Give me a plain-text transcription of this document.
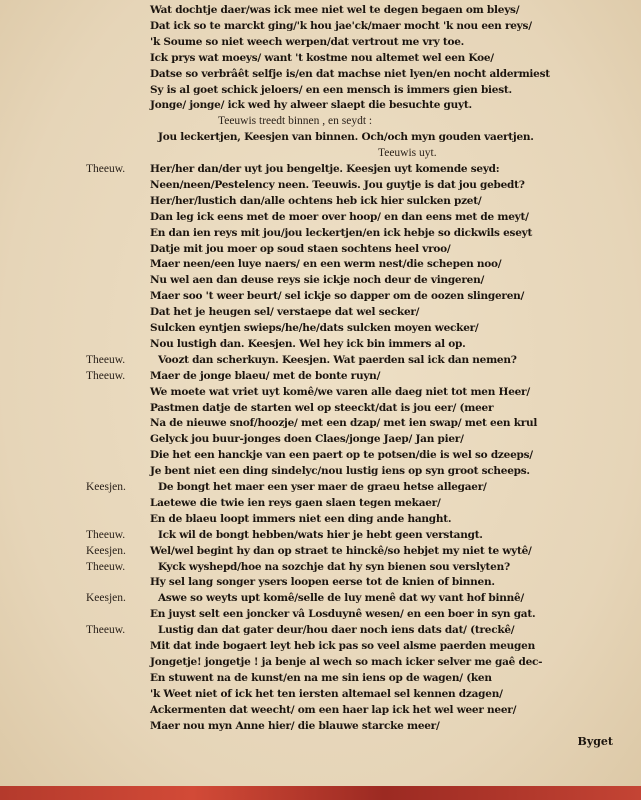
Wat dochtje daer/was ick mee niet wel te degen begaen om bleys/
Dat ick so te marckt ging/'k hou jae'ck/maer mocht 'k nou een reys/
'k Soume so niet weech werpen/dat vertrout me vry toe.
Ick prys wat moeys/ want 't kostme nou altemet wel een Koe/
Datse so verbrâêt selfje is/en dat machse niet lyen/en nocht aldermiest
Sy is al goet schick jeloers/ en een mensch is immers gien biest.
Jonge/ jonge/ ick wed hy alweer slaept die besuchte guyt.
Teeuwis treedt binnen , en seydt :
Jou leckertjen, Keesjen van binnen. Och/och myn gouden vaertjen.
Teeuwis uyt.
Theeuw. Her/her dan/der uyt jou bengeltje. Keesjen uyt komende seyd:
Neen/neen/Pestelency neen. Teeuwis. Jou guytje is dat jou gebedt?
Her/her/lustich dan/alle ochtens heb ick hier sulcken pzet/
Dan leg ick eens met de moer over hoop/ en dan eens met de meyt/
En dan ien reys mit jou/jou leckertjen/en ick hebje so dickwils eseyt
Datje mit jou moer op soud staen sochtens heel vroo/
Maer neen/een luye naers/ en een werm nest/die schepen noo/
Nu wel aen dan deuse reys sie ickje noch deur de vingeren/
Maer soo 't weer beurt/ sel ickje so dapper om de oozen slingeren/
Dat het je heugen sel/ verstaepe dat wel secker/
Sulcken eyntjen swieps/he/he/dats sulcken moyen wecker/
Nou lustigh dan. Keesjen. Wel hey ick bin immers al op.
Theeuw.	Voozt dan scherkuyn. Keesjen. Wat paerden sal ick dan nemen?
Theeuw. Maer de jonge blaeu/ met de bonte ruyn/
We moete wat vriet uyt komê/we varen alle daeg niet tot men Heer/
Pastmen datje de starten wel op steeckt/dat is jou eer/ (meer
Na de nieuwe snof/hoozje/ met een dzap/ met ien swap/ met een krul
Gelyck jou buur-jonges doen Claes/jonge Jaep/ Jan pier/
Die het een hanckje van een paert op te potsen/die is wel so dzeeps/
Je bent niet een ding sindelyc/nou lustig iens op syn groot scheeps.
Keesjen.	De bongt het maer een yser maer de graeu hetse allegaer/
Laetewe die twie ien reys gaen slaen tegen mekaer/
En de blaeu loopt immers niet een ding ande hanght.
Theeuw.	Ick wil de bongt hebben/wats hier je hebt geen verstangt.
Keesjen. Wel/wel begint hy dan op straet te hinckê/so hebjet my niet te wytê/
Theeuw.	Kyck wyshepd/hoe na sozchje dat hy syn bienen sou verslyten?
Hy sel lang songer ysers loopen eerse tot de knien of binnen.
Keesjen.	Aswe so weyts upt komê/selle de luy menê dat wy vant hof binnê/
En juyst selt een joncker vâ Losduynê wesen/ en een boer in syn gat.
Theeuw.	Lustig dan dat gater deur/hou daer noch iens dats dat/ (treckê/
Mit dat inde bogaert leyt heb ick pas so veel alsme paerden meugen
Jongetje! jongetje ! ja benje al wech so mach icker selver me gaê dec-
En stuwent na de kunst/en na me sin iens op de wagen/ (ken
'k Weet niet of ick het ten iersten altemael sel kennen dzagen/
Ackermenten dat weecht/ om een haer lap ick het wel weer neer/
Maer nou myn Anne hier/ die blauwe starcke meer/
Byget
